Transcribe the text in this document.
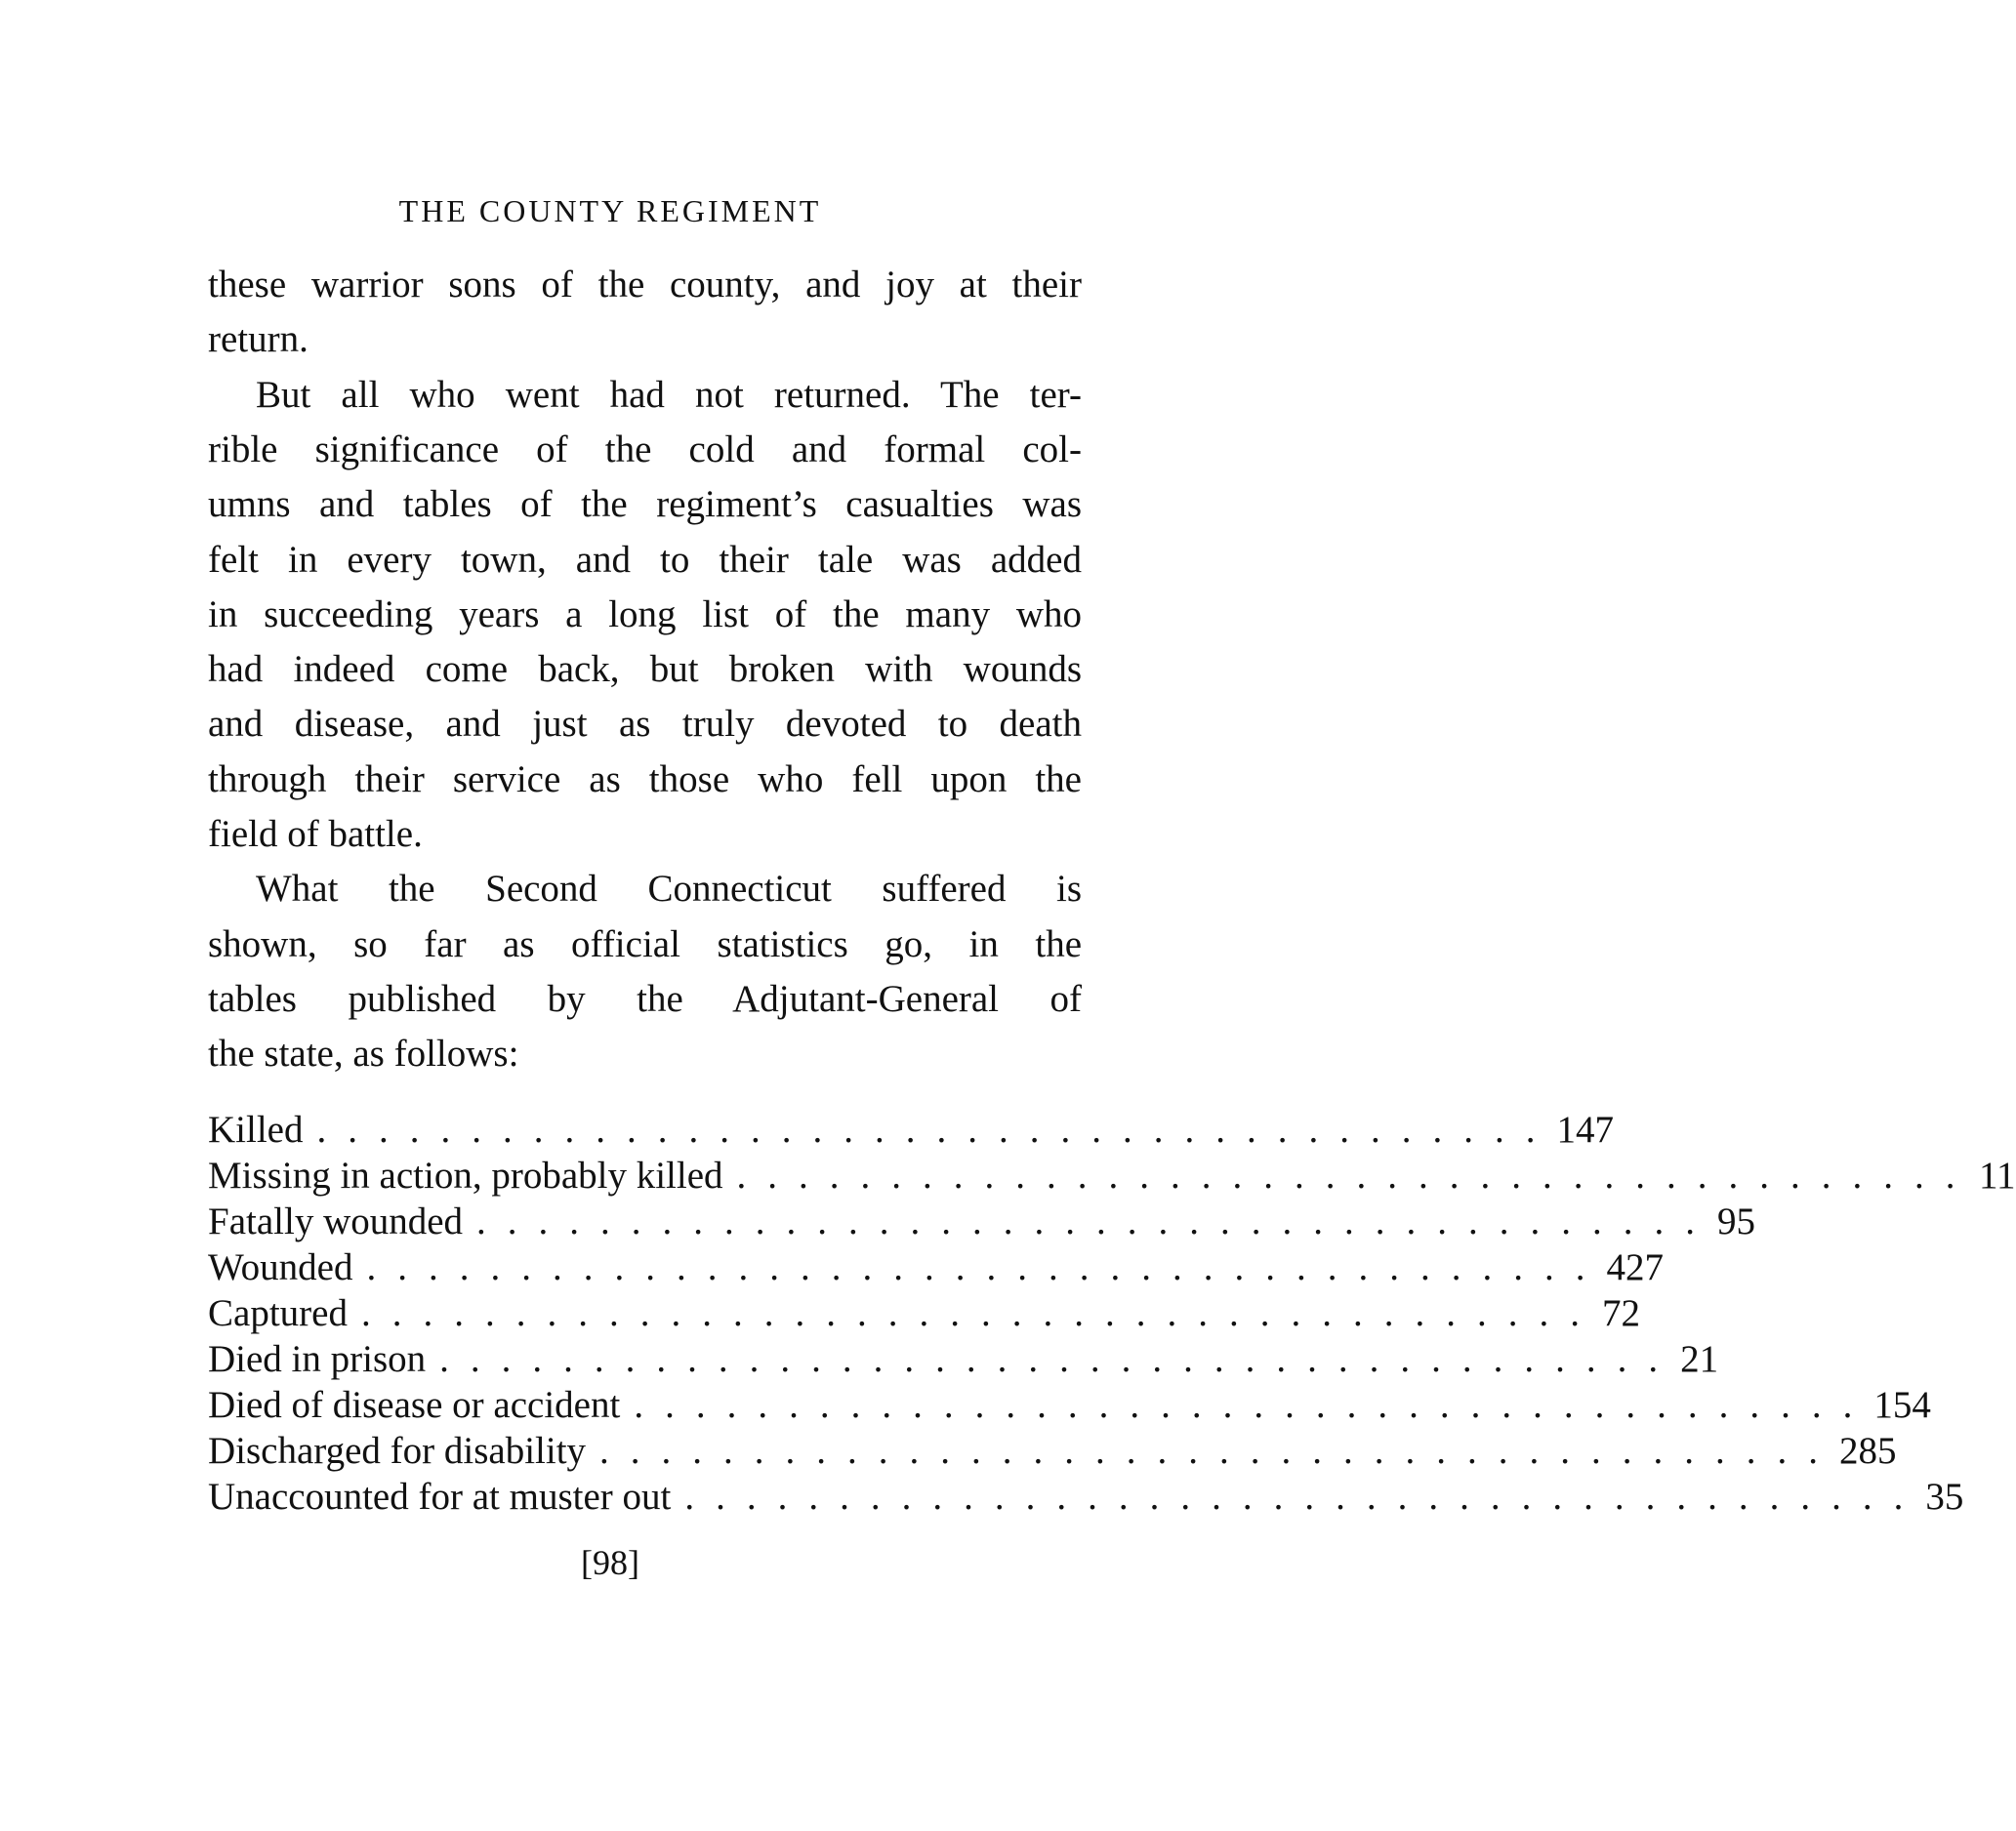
THE COUNTY REGIMENT
these warrior sons of the county, and joy at their
return.
But all who went had not returned. The ter-
rible significance of the cold and formal col-
umns and tables of the regiment’s casualties was
felt in every town, and to their tale was added
in succeeding years a long list of the many who
had indeed come back, but broken with wounds
and disease, and just as truly devoted to death
through their service as those who fell upon the
field of battle.
What the Second Connecticut suffered is
shown, so far as official statistics go, in the
tables published by the Adjutant-General of
the state, as follows:
Killed ........................................ 147
Missing in action, probably killed ........................................ 11
Fatally wounded ........................................ 95
Wounded ........................................ 427
Captured ........................................ 72
Died in prison ........................................ 21
Died of disease or accident ........................................ 154
Discharged for disability ........................................ 285
Unaccounted for at muster out ........................................ 35
[98]
